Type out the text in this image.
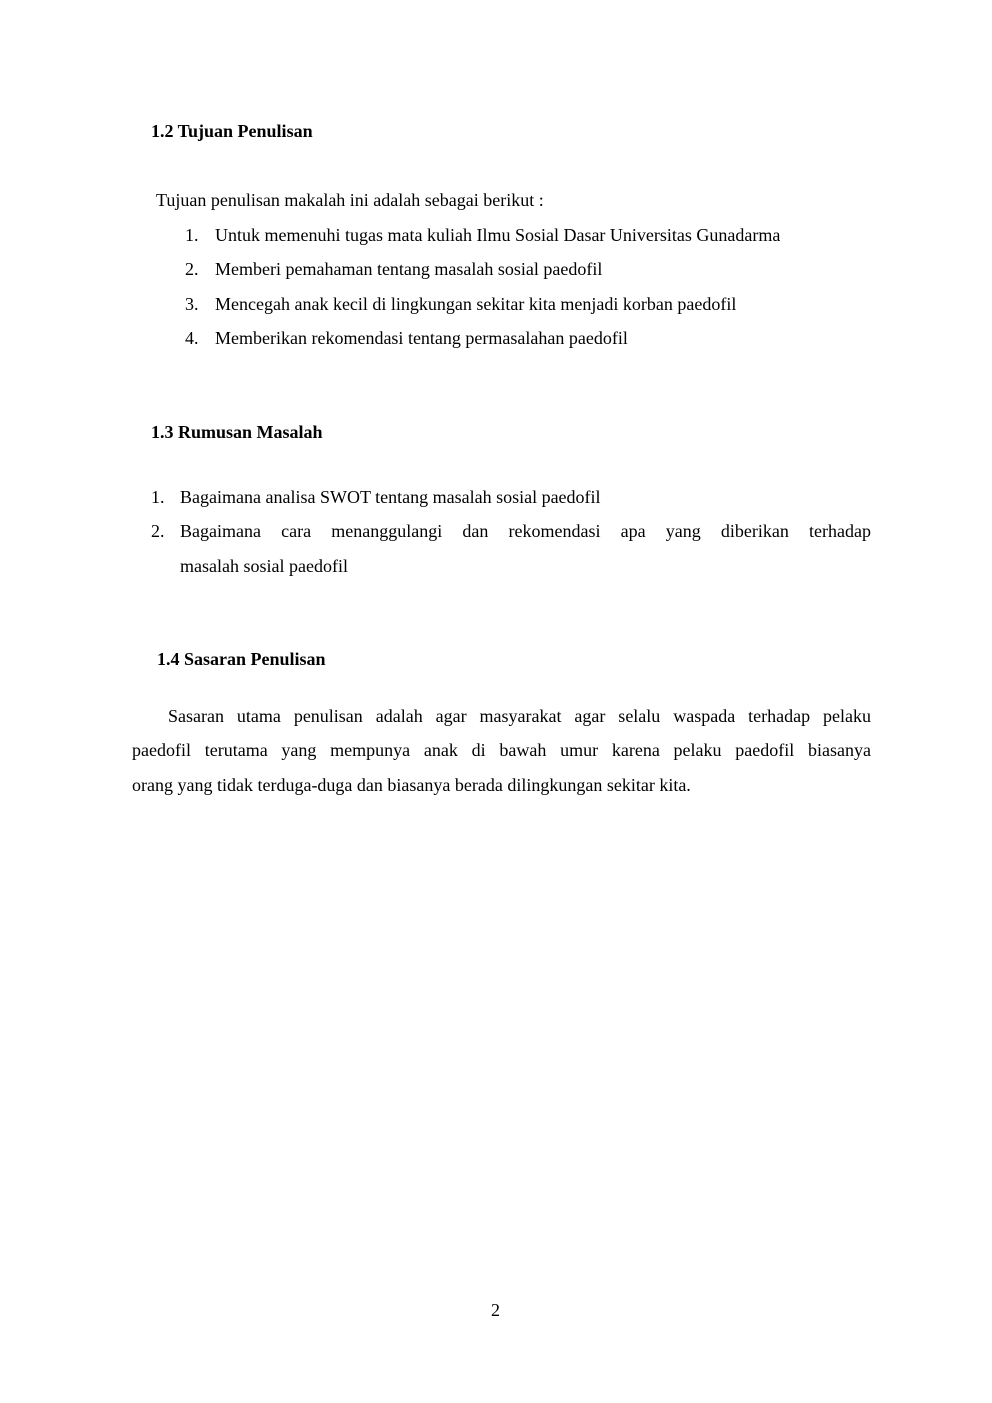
1.2 Tujuan Penulisan
Tujuan penulisan makalah ini adalah sebagai berikut :
1. Untuk memenuhi tugas mata kuliah Ilmu Sosial Dasar Universitas Gunadarma
2. Memberi pemahaman tentang masalah sosial paedofil
3. Mencegah anak kecil di lingkungan sekitar kita menjadi korban paedofil
4. Memberikan rekomendasi tentang permasalahan paedofil
1.3 Rumusan Masalah
1. Bagaimana analisa SWOT tentang masalah sosial paedofil
2. Bagaimana cara menanggulangi dan rekomendasi apa yang diberikan terhadap
masalah sosial paedofil
1.4 Sasaran Penulisan
Sasaran utama penulisan adalah agar masyarakat agar selalu waspada terhadap pelaku
paedofil terutama yang mempunya anak di bawah umur karena pelaku paedofil biasanya
orang yang tidak terduga-duga dan biasanya berada dilingkungan sekitar kita.
2
